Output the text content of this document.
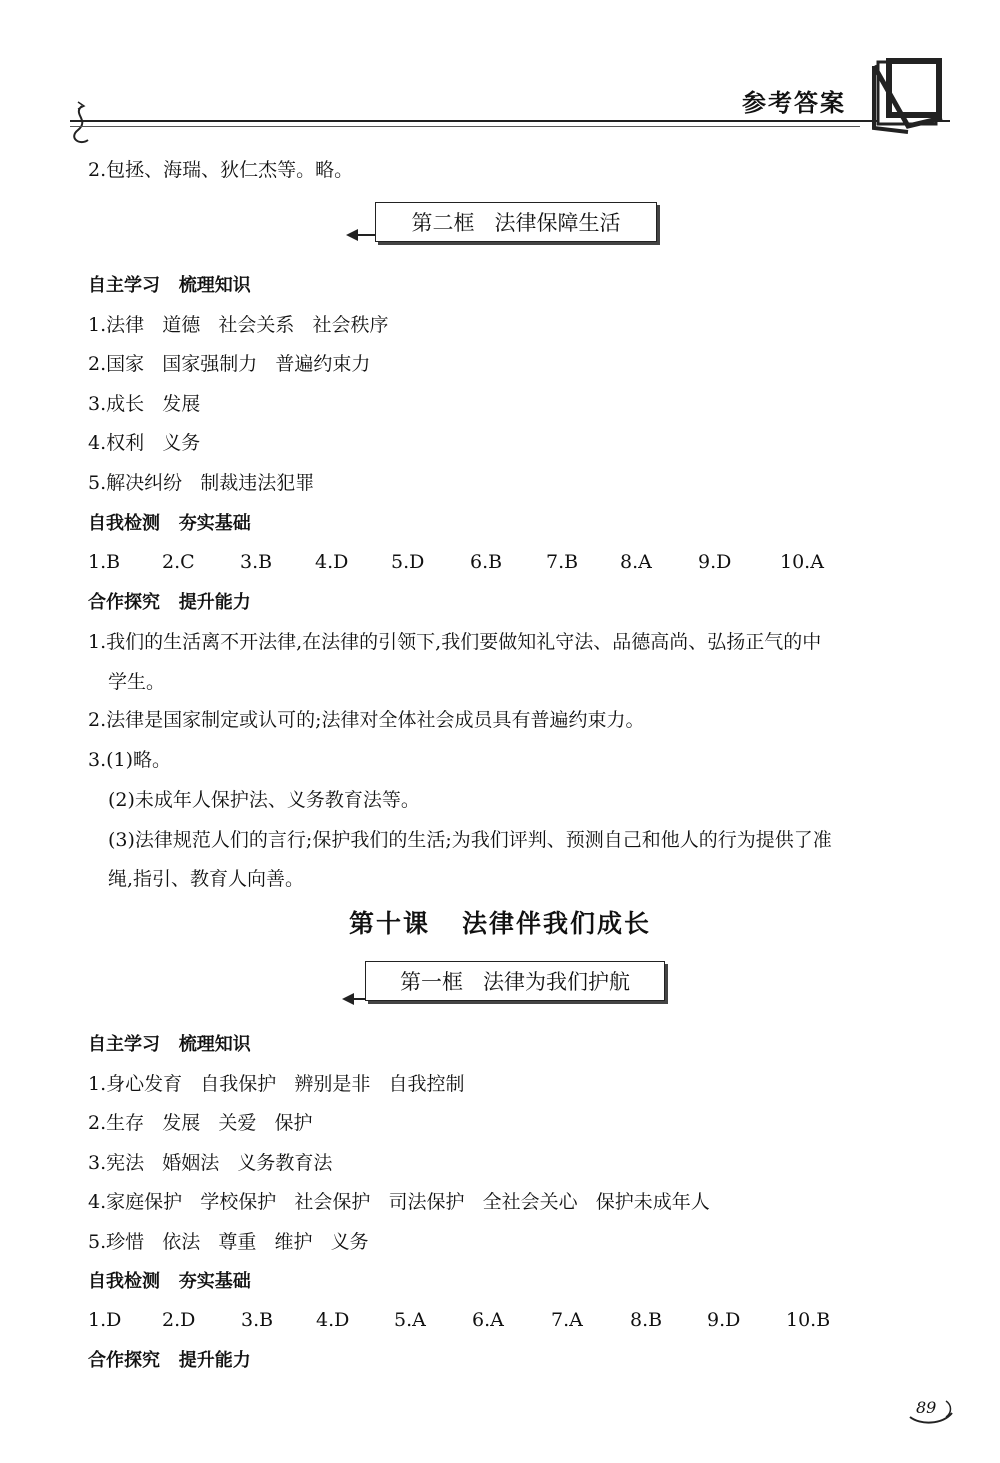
参考答案
2.包拯、海瑞、狄仁杰等。略。
第二框   法律保障生活
自主学习   梳理知识
1.法律   道德   社会关系   社会秩序
2.国家   国家强制力   普遍约束力
3.成长   发展
4.权利   义务
5.解决纠纷   制裁违法犯罪
自我检测   夯实基础
1.B 2.C 3.B 4.D 5.D 6.B 7.B 8.A 9.D	10.A
合作探究   提升能力
1.我们的生活离不开法律,在法律的引领下,我们要做知礼守法、品德高尚、弘扬正气的中
学生。
2.法律是国家制定或认可的;法律对全体社会成员具有普遍约束力。
3.(1)略。
(2)未成年人保护法、义务教育法等。
(3)法律规范人们的言行;保护我们的生活;为我们评判、预测自己和他人的行为提供了准
绳,指引、教育人向善。
第十课   法律伴我们成长
第一框   法律为我们护航
自主学习   梳理知识
1.身心发育   自我保护   辨别是非   自我控制
2.生存   发展   关爱   保护
3.宪法   婚姻法   义务教育法
4.家庭保护   学校保护   社会保护   司法保护   全社会关心   保护未成年人
5.珍惜   依法   尊重   维护   义务
自我检测   夯实基础
1.D 2.D 3.B 4.D 5.A 6.A 7.A 8.B 9.D 10.B
合作探究   提升能力
89
